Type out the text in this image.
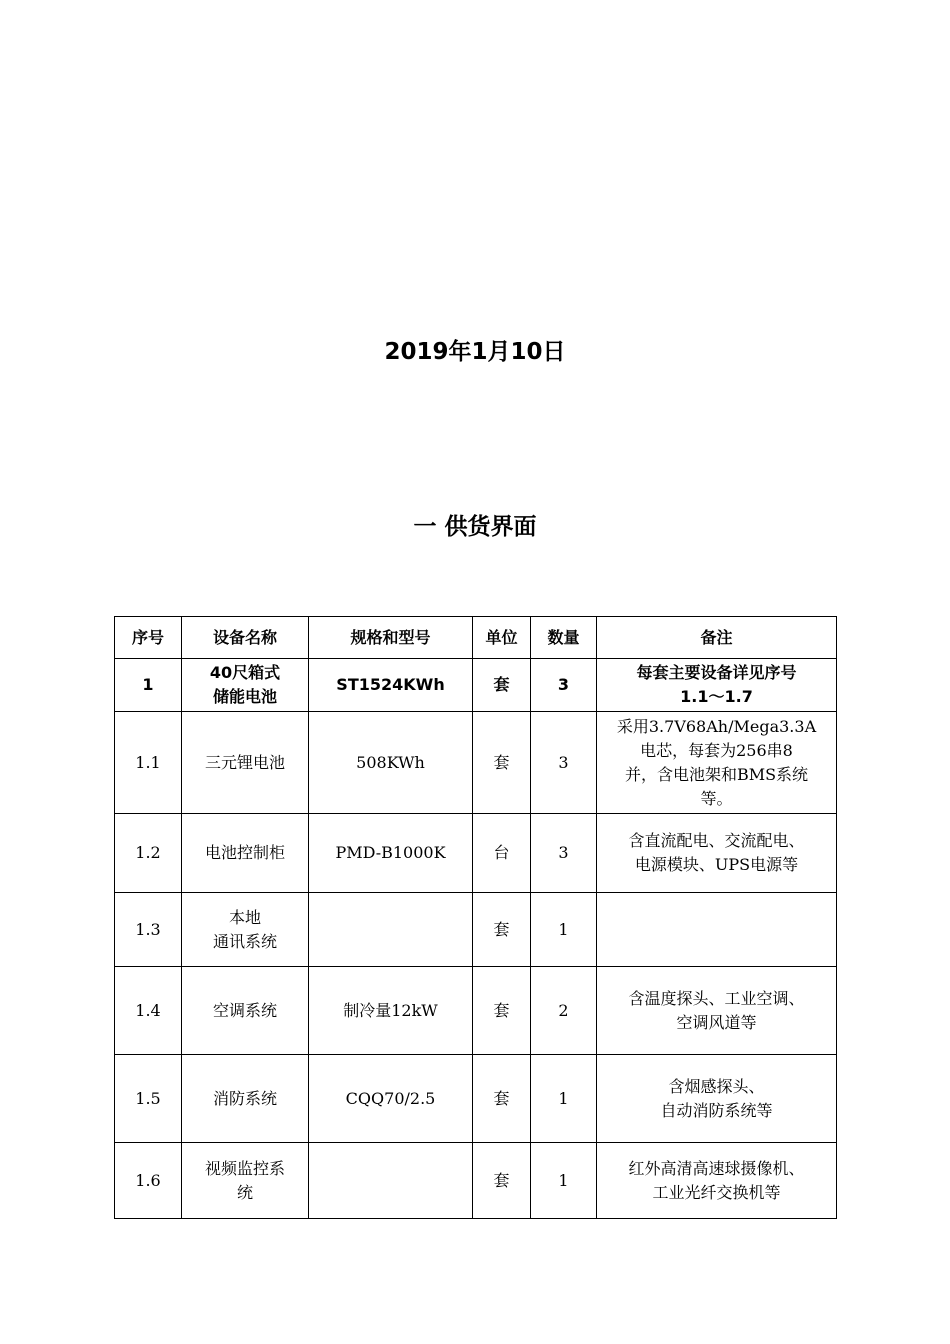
2019年1月10日
一 供货界面
序号	设备名称	规格和型号	单位	数量	备注

1	40尺箱式
储能电池	ST1524KWh	套	3	每套主要设备详见序号
1.1～1.7

1.1	三元锂电池	508KWh	套	3	采用3.7V68Ah/Mega3.3A
电芯，每套为256串8
并，含电池架和BMS系统
等。

1.2	电池控制柜	PMD-B1000K	台	3	含直流配电、交流配电、
电源模块、UPS电源等

1.3	本地
通讯系统		套	1	

1.4	空调系统	制冷量12kW	套	2	含温度探头、工业空调、
空调风道等

1.5	消防系统	CQQ70/2.5	套	1	含烟感探头、
自动消防系统等

1.6	视频监控系
统		套	1	红外高清高速球摄像机、
工业光纤交换机等
